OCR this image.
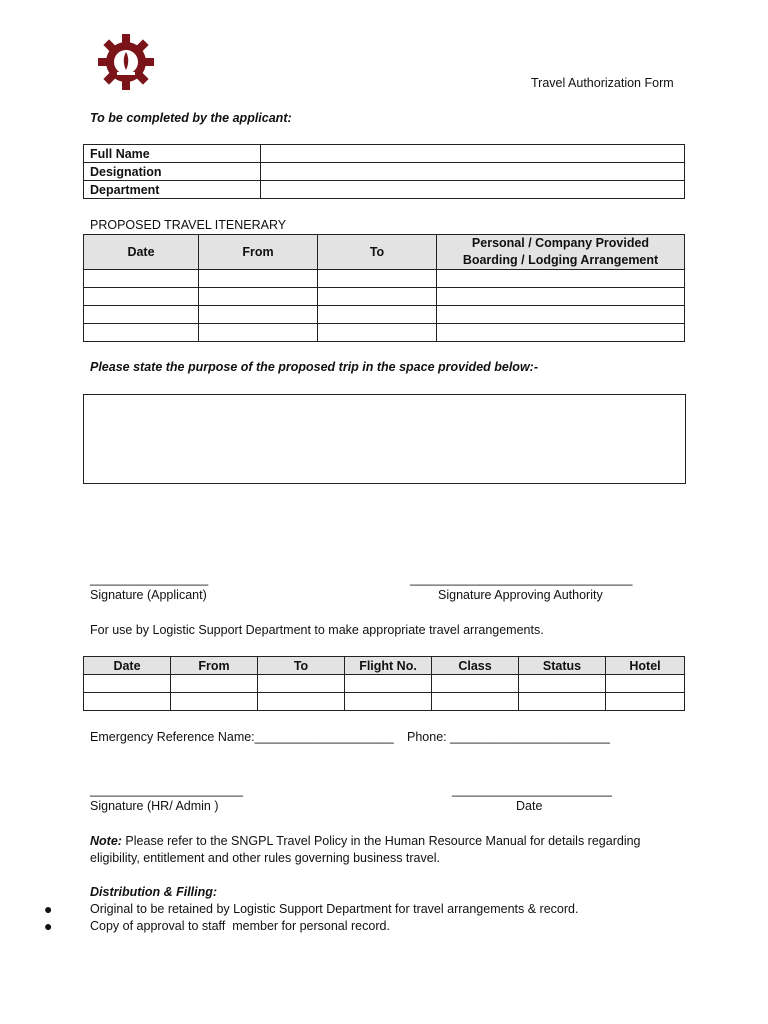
Travel Authorization Form
To be completed by the applicant:
Full Name	
Designation	
Department	
PROPOSED TRAVEL ITENERARY
Date	From	To	Personal / Company Provided Boarding / Lodging Arrangement

Please state the purpose of the proposed trip in the space provided below:-
_________________
Signature (Applicant)
________________________________
Signature Approving Authority
For use by Logistic Support Department to make appropriate travel arrangements.
Date	From	To	Flight No.	Class	Status	Hotel

Emergency Reference Name:____________________ Phone: _______________________
______________________
Signature (HR/ Admin )
_______________________
Date
Note: Please refer to the SNGPL Travel Policy in the Human Resource Manual for details regarding
eligibility, entitlement and other rules governing business travel.
Distribution & Filling:
●	Original to be retained by Logistic Support Department for travel arrangements & record.
●	Copy of approval to staff  member for personal record.
